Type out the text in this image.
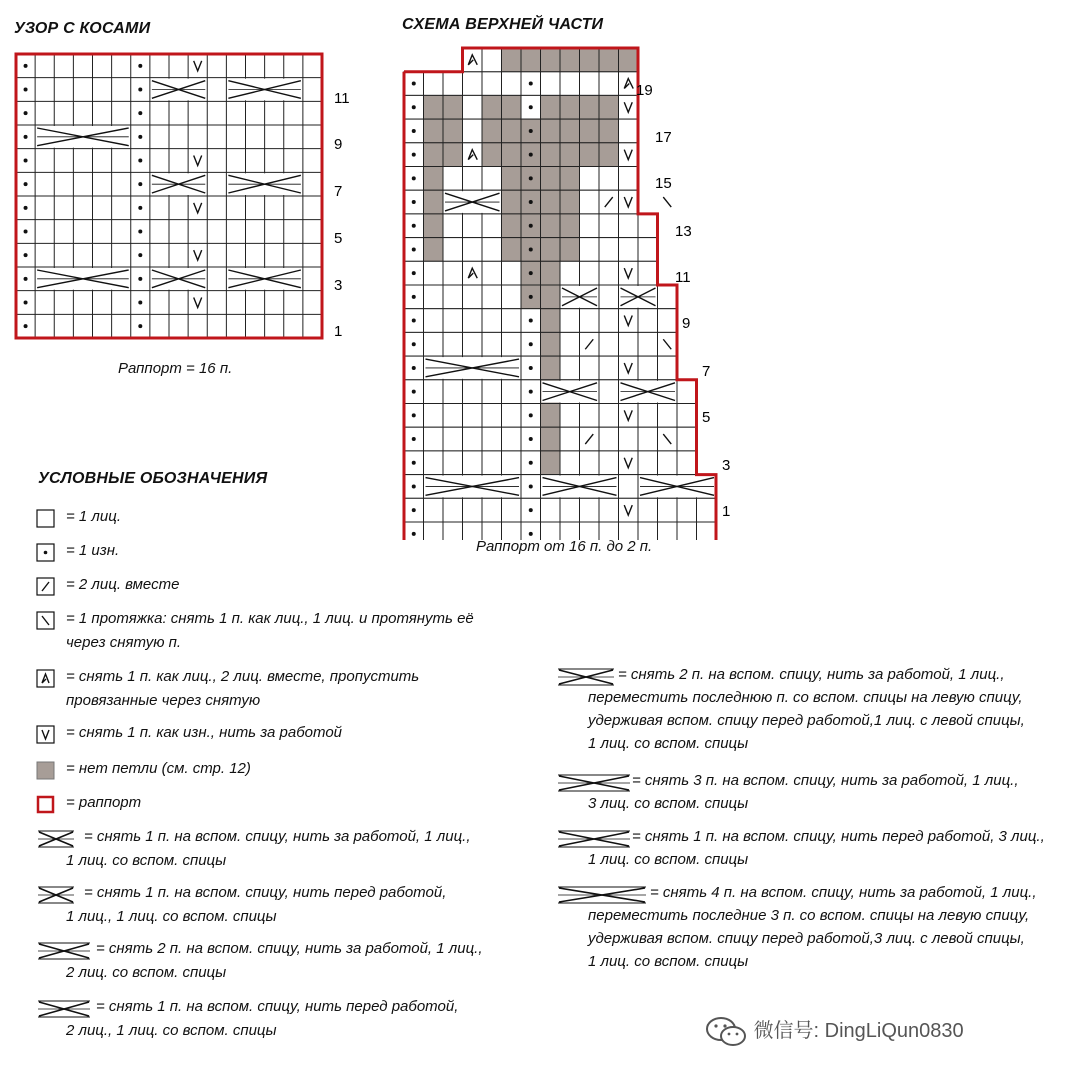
УЗОР С КОСАМИ
11
9
7
5
3
1
Раппорт = 16 п.
СХЕМА ВЕРХНЕЙ ЧАСТИ
19
17
15
13
11
9
7
5
3
1
Раппорт от 16 п. до 2 п.
УСЛОВНЫЕ ОБОЗНАЧЕНИЯ
= 1 лиц.
= 1 изн.
= 2 лиц. вместе
= 1 протяжка: снять 1 п. как лиц., 1 лиц. и протянуть её
через снятую п.
= снять 1 п. как лиц., 2 лиц. вместе, пропустить
провязанные через снятую
= снять 1 п. как изн., нить за работой
= нет петли (см. стр. 12)
= раппорт
= снять 1 п. на вспом. спицу, нить за работой, 1 лиц.,
1 лиц. со вспом. спицы
= снять 1 п. на вспом. спицу, нить перед работой,
1 лиц., 1 лиц. со вспом. спицы
= снять 2 п. на вспом. спицу, нить за работой, 1 лиц.,
2 лиц. со вспом. спицы
= снять 1 п. на вспом. спицу, нить перед работой,
2 лиц., 1 лиц. со вспом. спицы
= снять 2 п. на вспом. спицу, нить за работой, 1 лиц.,
переместить последнюю п. со вспом. спицы на левую спицу,
удерживая вспом. спицу перед работой,1 лиц. с левой спицы,
1 лиц. со вспом. спицы
= снять 3 п. на вспом. спицу, нить за работой, 1 лиц.,
3 лиц. со вспом. спицы
= снять 1 п. на вспом. спицу, нить перед работой, 3 лиц.,
1 лиц. со вспом. спицы
= снять 4 п. на вспом. спицу, нить за работой, 1 лиц.,
переместить последние 3 п. со вспом. спицы на левую спицу,
удерживая вспом. спицу перед работой,3 лиц. с левой спицы,
1 лиц. со вспом. спицы
微信号: DingLiQun0830
